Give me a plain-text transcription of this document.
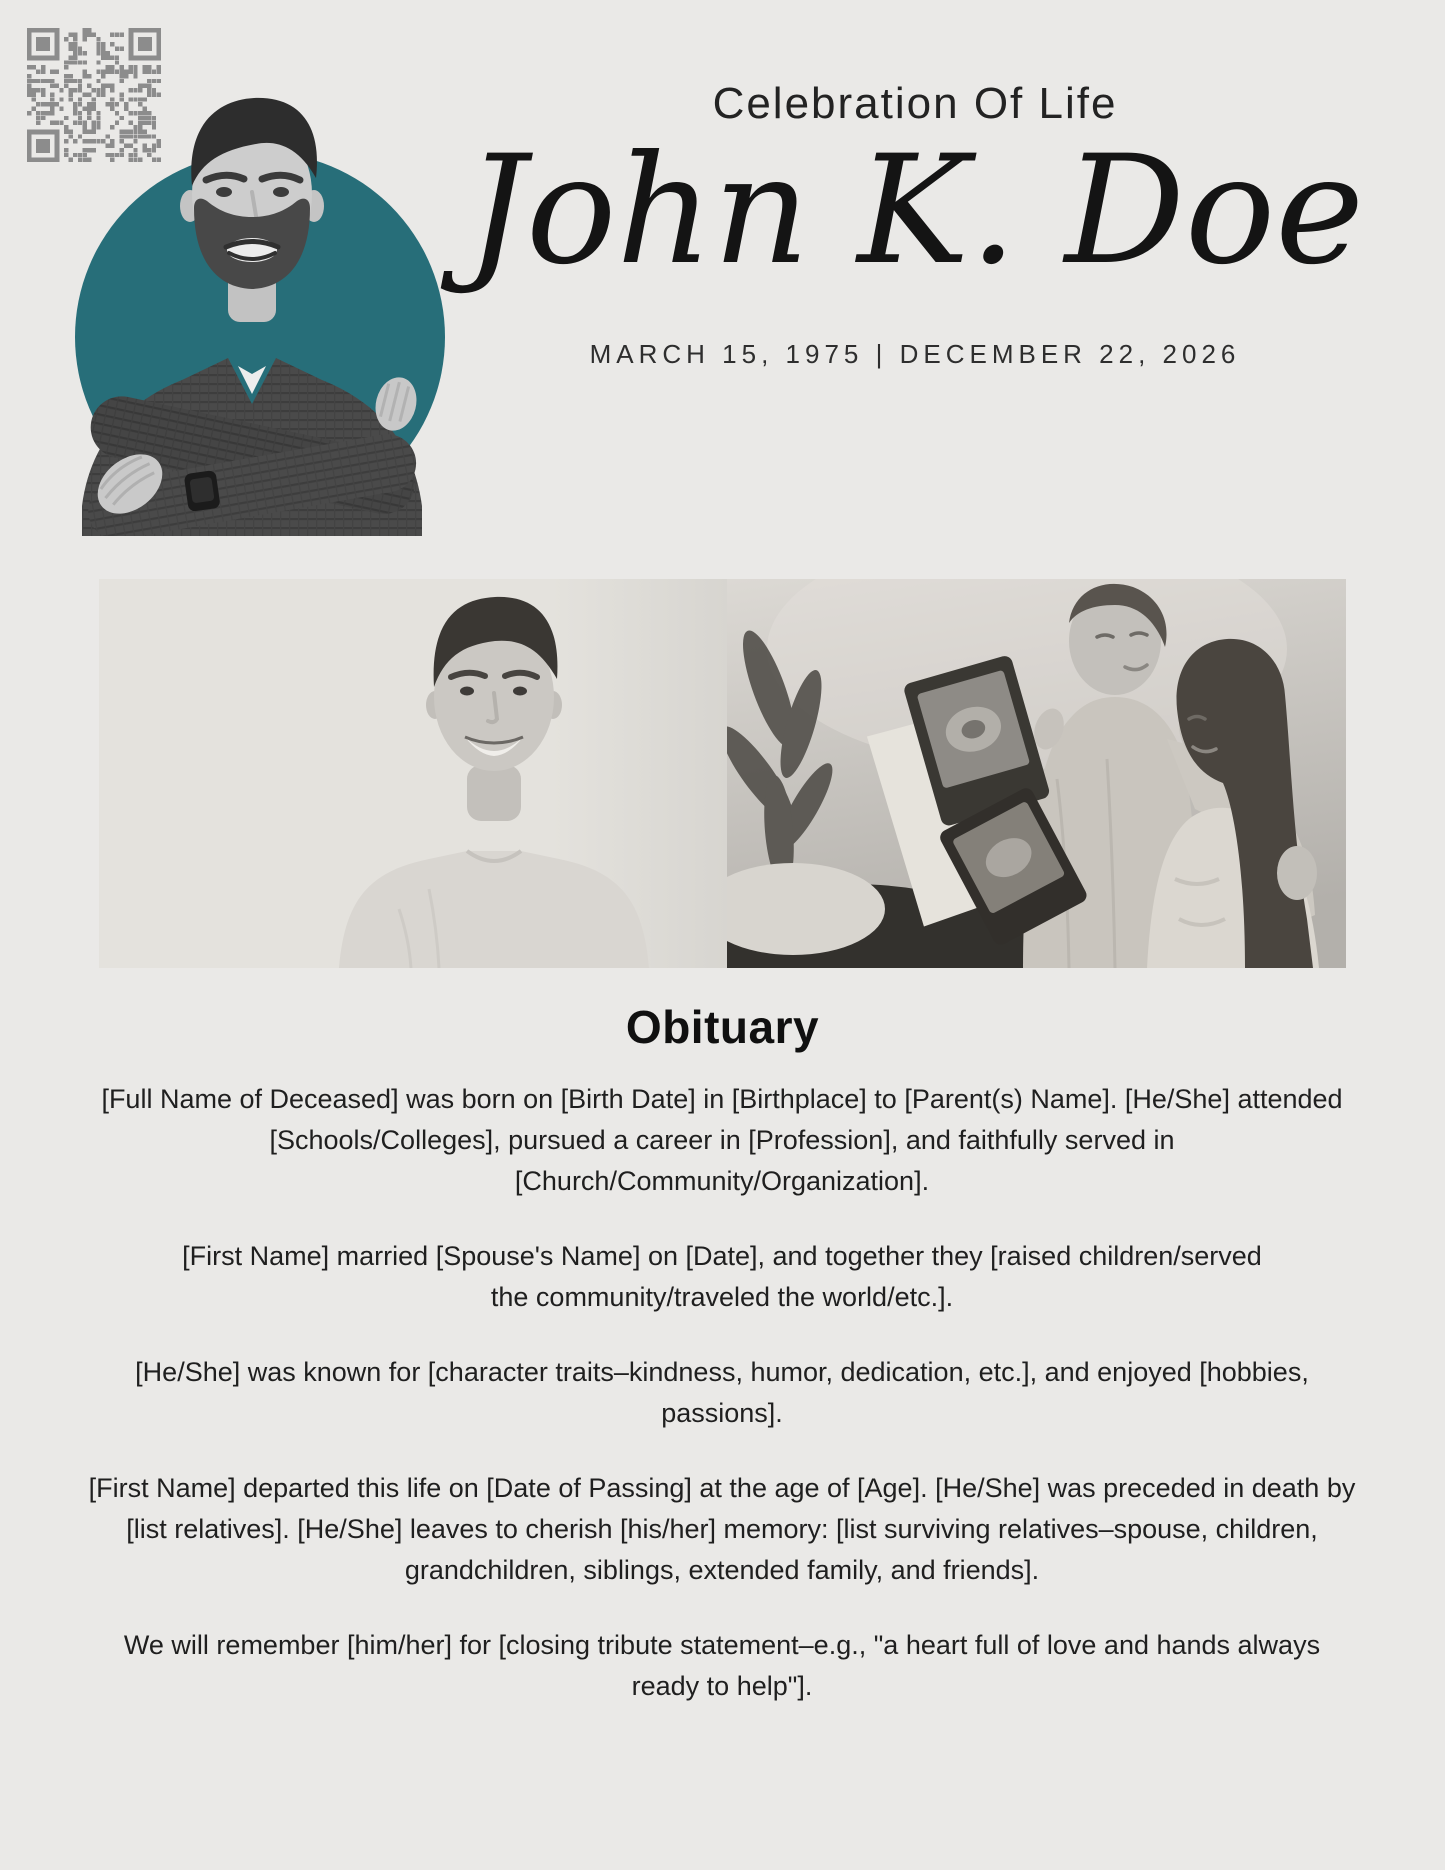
Celebration Of Life
John K. Doe
MARCH 15, 1975 | DECEMBER 22, 2026
Obituary

[Full Name of Deceased] was born on [Birth Date] in [Birthplace] to [Parent(s) Name]. [He/She] attended [Schools/Colleges], pursued a career in [Profession], and faithfully served in [Church/Community/Organization].

[First Name] married [Spouse's Name] on [Date], and together they [raised children/served the community/traveled the world/etc.].

[He/She] was known for [character traits–kindness, humor, dedication, etc.], and enjoyed [hobbies, passions].

[First Name] departed this life on [Date of Passing] at the age of [Age]. [He/She] was preceded in death by [list relatives]. [He/She] leaves to cherish [his/her] memory: [list surviving relatives–spouse, children, grandchildren, siblings, extended family, and friends].

We will remember [him/her] for [closing tribute statement–e.g., "a heart full of love and hands always ready to help"].
